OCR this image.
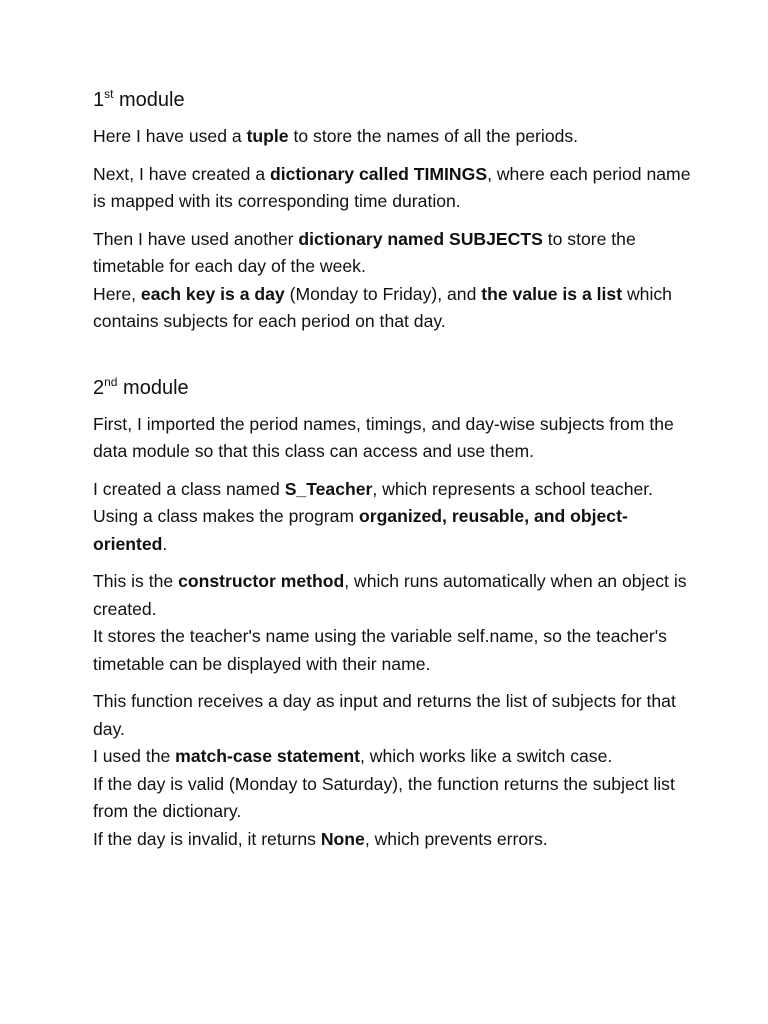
1st module

Here I have used a tuple to store the names of all the periods.

Next, I have created a dictionary called TIMINGS, where each period name is mapped with its corresponding time duration.

Then I have used another dictionary named SUBJECTS to store the timetable for each day of the week.
Here, each key is a day (Monday to Friday), and the value is a list which contains subjects for each period on that day.

2nd module

First, I imported the period names, timings, and day-wise subjects from the data module so that this class can access and use them.

I created a class named S_Teacher, which represents a school teacher.
Using a class makes the program organized, reusable, and object-oriented.

This is the constructor method, which runs automatically when an object is created.
It stores the teacher's name using the variable self.name, so the teacher's timetable can be displayed with their name.

This function receives a day as input and returns the list of subjects for that day.
I used the match-case statement, which works like a switch case.
If the day is valid (Monday to Saturday), the function returns the subject list from the dictionary.
If the day is invalid, it returns None, which prevents errors.
